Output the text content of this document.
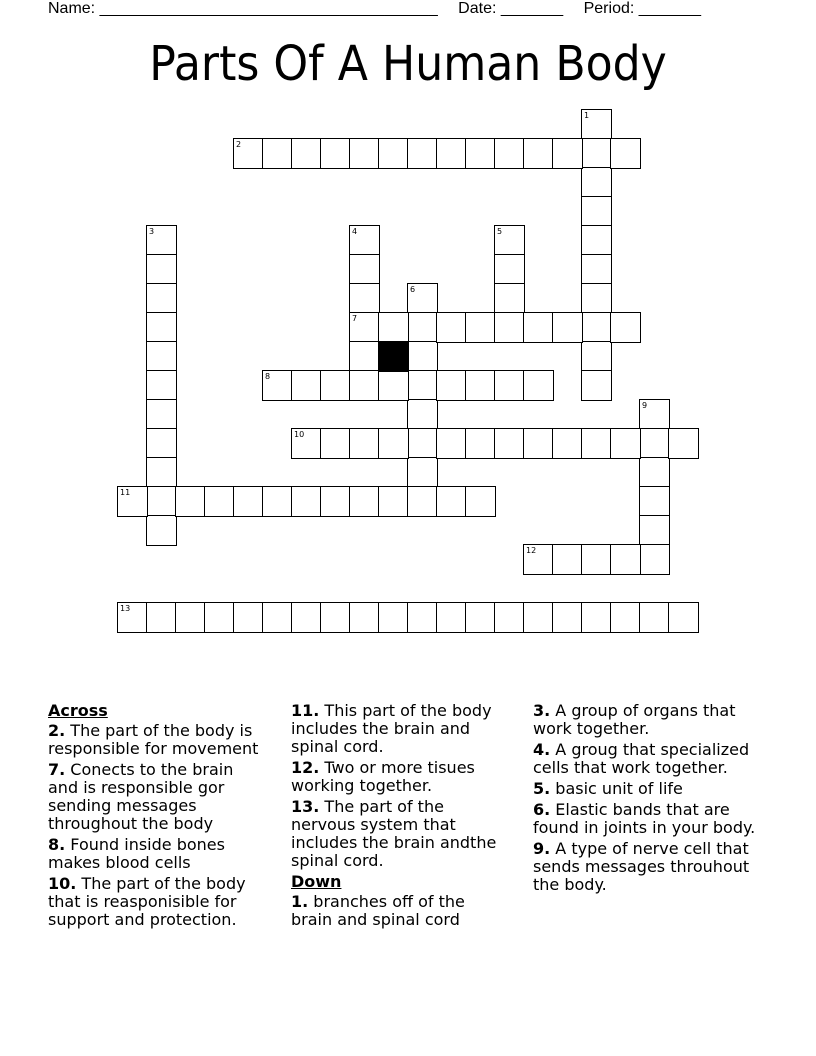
Name: ______________________________________ Date: _______ Period: _______
Parts Of A Human Body
1
2
3	4
7
5
6
8
9
10
11
12
13
Across
2. The part of the body is responsible for movement
7. Conects to the brain and is responsible gor sending messages throughout the body
8. Found inside bones makes blood cells
10. The part of the body that is reasponisible for support and protection.
11. This part of the body includes the brain and spinal cord.
12. Two or more tisues working together.
13. The part of the nervous system that includes the brain andthe spinal cord.
Down
1. branches off of the brain and spinal cord
3. A group of organs that work together.
4. A groug that specialized cells that work together.
5. basic unit of life
6. Elastic bands that are found in joints in your body.
9. A type of nerve cell that sends messages throuhout the body.
